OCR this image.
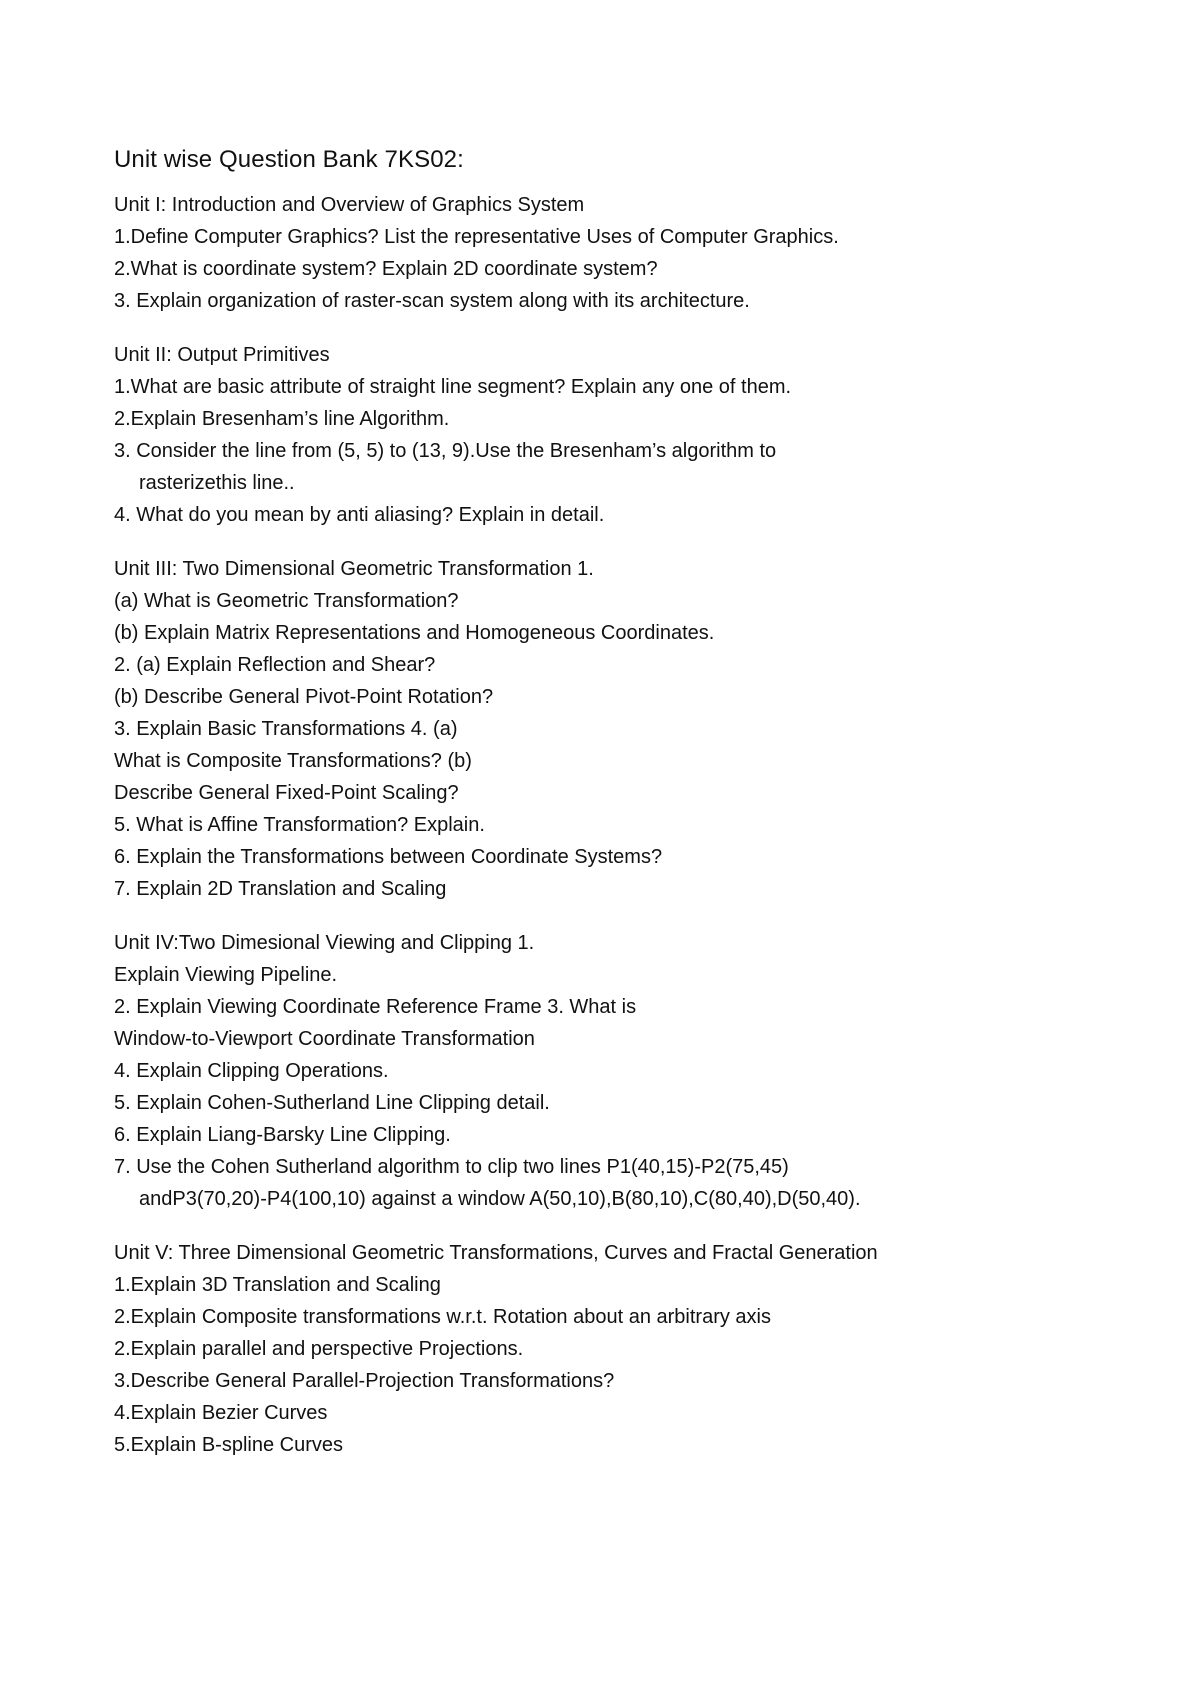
Unit wise Question Bank 7KS02:
Unit I: Introduction and Overview of Graphics System

1.Define Computer Graphics? List the representative Uses of Computer Graphics.

2.What is coordinate system? Explain 2D coordinate system?

3. Explain organization of raster-scan system along with its architecture.

Unit II: Output Primitives

1.What are basic attribute of straight line segment? Explain any one of them.

2.Explain Bresenham’s line Algorithm.

3. Consider the line from (5, 5) to (13, 9).Use the Bresenham’s algorithm to

rasterizethis line..

4. What do you mean by anti aliasing? Explain in detail.

Unit III: Two Dimensional Geometric Transformation 1.

(a) What is Geometric Transformation?

(b) Explain Matrix Representations and Homogeneous Coordinates.

2. (a) Explain Reflection and Shear?

(b) Describe General Pivot-Point Rotation?

3. Explain Basic Transformations 4. (a)

What is Composite Transformations? (b)

Describe General Fixed-Point Scaling?

5. What is Affine Transformation? Explain.

6. Explain the Transformations between Coordinate Systems?

7. Explain 2D Translation and Scaling

Unit IV:Two Dimesional Viewing and Clipping 1.

Explain Viewing Pipeline.

2. Explain Viewing Coordinate Reference Frame 3. What is

Window-to-Viewport Coordinate Transformation

4. Explain Clipping Operations.

5. Explain Cohen-Sutherland Line Clipping detail.

6. Explain Liang-Barsky Line Clipping.

7. Use the Cohen Sutherland algorithm to clip two lines P1(40,15)-P2(75,45)

andP3(70,20)-P4(100,10) against a window A(50,10),B(80,10),C(80,40),D(50,40).

Unit V: Three Dimensional Geometric Transformations, Curves and Fractal Generation

1.Explain 3D Translation and Scaling

2.Explain Composite transformations w.r.t. Rotation about an arbitrary axis

2.Explain parallel and perspective Projections.

3.Describe General Parallel-Projection Transformations?

4.Explain Bezier Curves

5.Explain B-spline Curves
